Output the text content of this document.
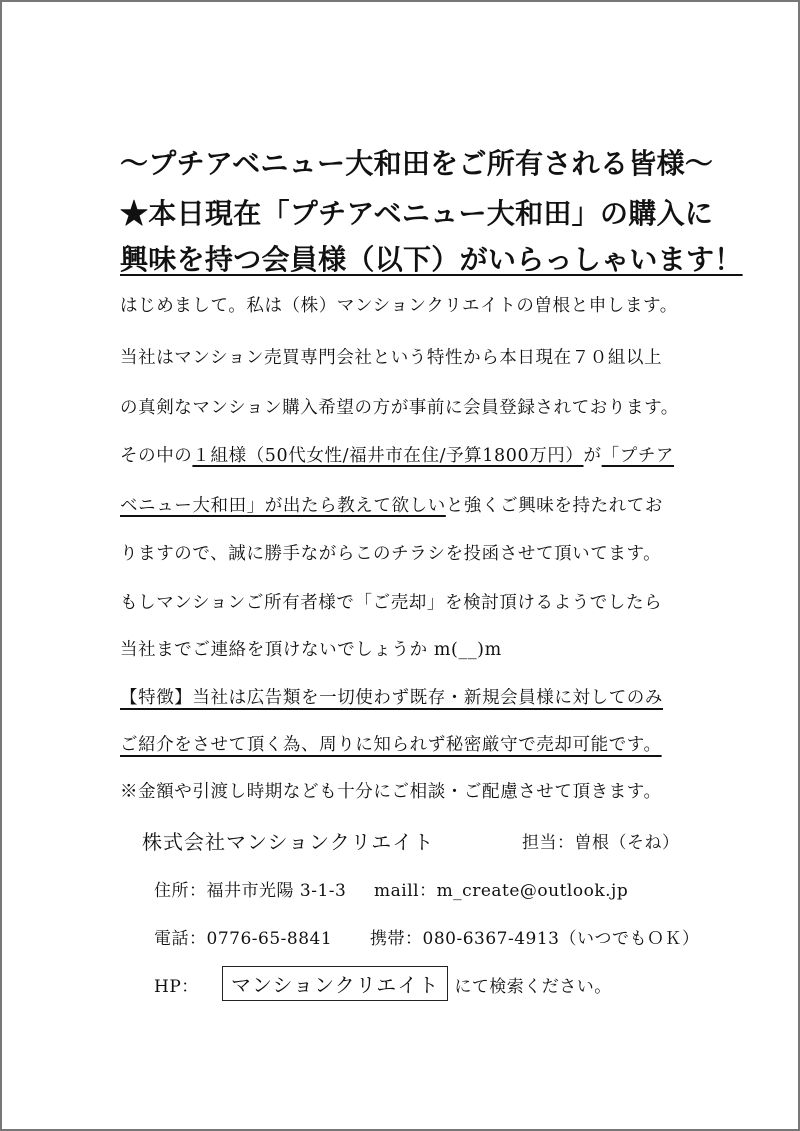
～プチアベニュー大和田をご所有される皆様～
★本日現在「プチアベニュー大和田」の購入に
興味を持つ会員様（以下）がいらっしゃいます！
はじめまして。私は（株）マンションクリエイトの曽根と申します。
当社はマンション売買専門会社という特性から本日現在７０組以上
の真剣なマンション購入希望の方が事前に会員登録されております。
その中の１組様（50代女性/福井市在住/予算1800万円）が「プチア
ベニュー大和田」が出たら教えて欲しいと強くご興味を持たれてお
りますので、誠に勝手ながらこのチラシを投函させて頂いてます。
もしマンションご所有者様で「ご売却」を検討頂けるようでしたら
当社までご連絡を頂けないでしょうか m(__)m
【特徴】当社は広告類を一切使わず既存・新規会員様に対してのみ
ご紹介をさせて頂く為、周りに知られず秘密厳守で売却可能です。
※金額や引渡し時期なども十分にご相談・ご配慮させて頂きます。
株式会社マンションクリエイト	担当：曽根（そね）
住所：福井市光陽 3-1-3 maill：m_create@outlook.jp
電話：0776-65-8841 携帯：080-6367-4913（いつでもＯＫ）
HP： マンションクリエイト にて検索ください。
